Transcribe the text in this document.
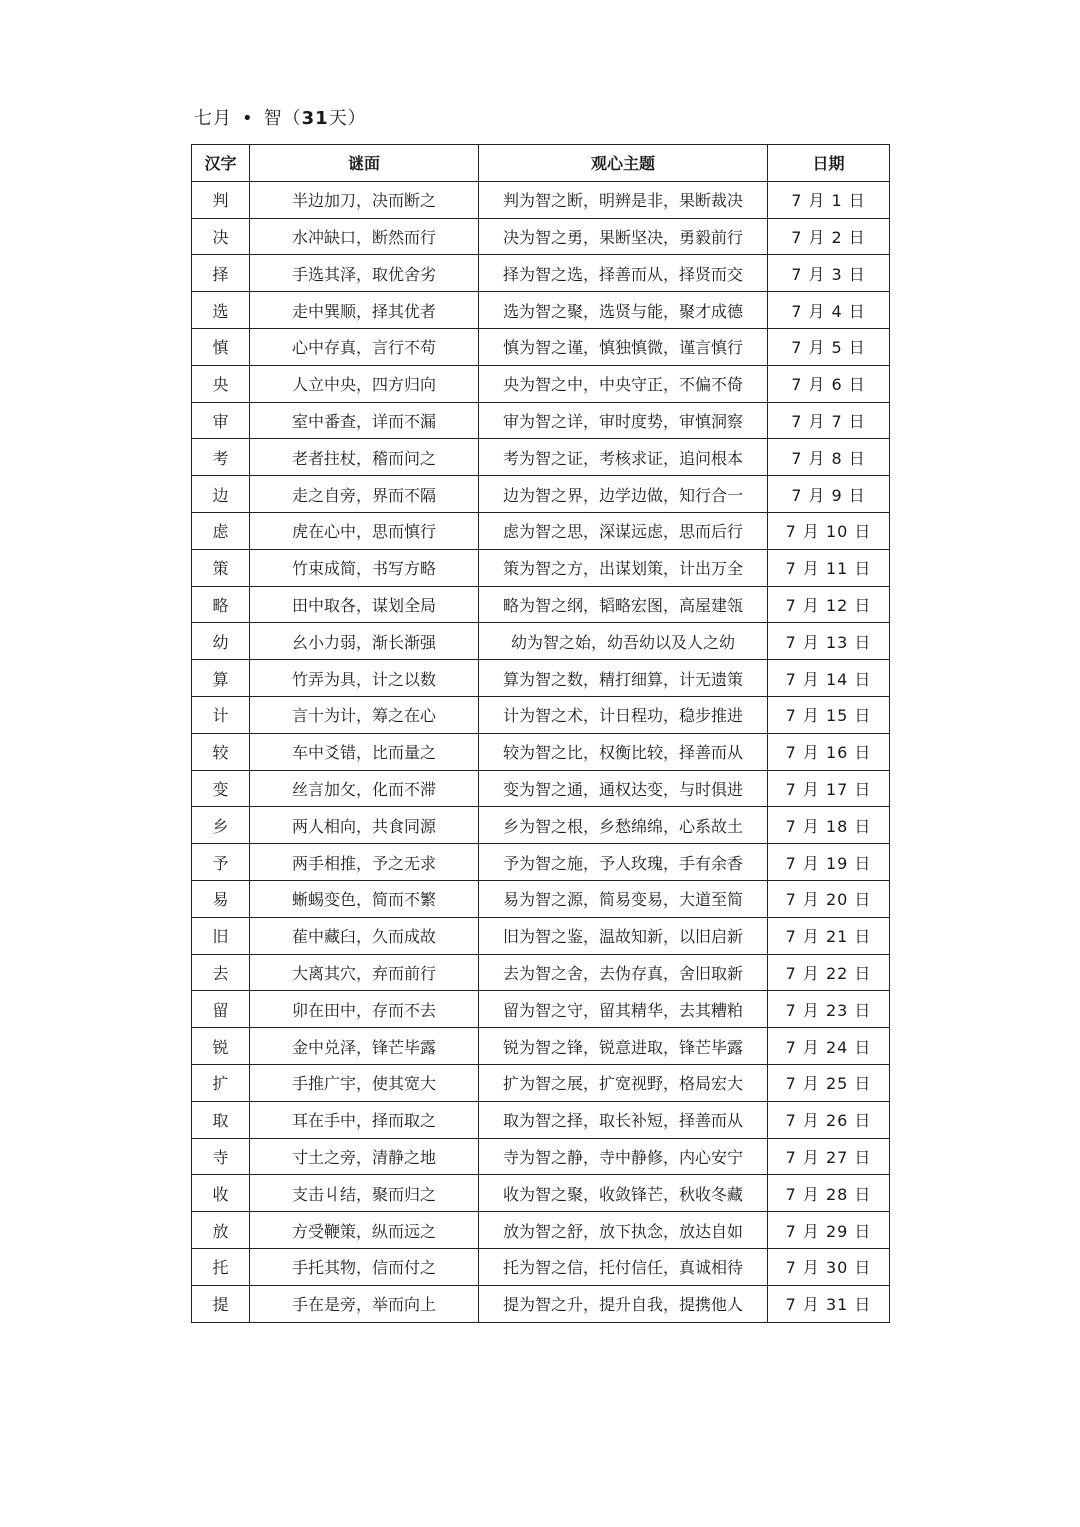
七月 • 智（31天）
汉字	谜面	观心主题	日期
判	半边加刀，决而断之	判为智之断，明辨是非，果断裁决	7 月 1 日
决	水冲缺口，断然而行	决为智之勇，果断坚决，勇毅前行	7 月 2 日
择	手选其泽，取优舍劣	择为智之选，择善而从，择贤而交	7 月 3 日
选	走中巽顺，择其优者	选为智之聚，选贤与能，聚才成德	7 月 4 日
慎	心中存真，言行不苟	慎为智之谨，慎独慎微，谨言慎行	7 月 5 日
央	人立中央，四方归向	央为智之中，中央守正，不偏不倚	7 月 6 日
审	室中番查，详而不漏	审为智之详，审时度势，审慎洞察	7 月 7 日
考	老者拄杖，稽而问之	考为智之证，考核求证，追问根本	7 月 8 日
边	走之自旁，界而不隔	边为智之界，边学边做，知行合一	7 月 9 日
虑	虎在心中，思而慎行	虑为智之思，深谋远虑，思而后行	7 月 10 日
策	竹束成简，书写方略	策为智之方，出谋划策，计出万全	7 月 11 日
略	田中取各，谋划全局	略为智之纲，韬略宏图，高屋建瓴	7 月 12 日
幼	幺小力弱，渐长渐强	幼为智之始，幼吾幼以及人之幼	7 月 13 日
算	竹弄为具，计之以数	算为智之数，精打细算，计无遗策	7 月 14 日
计	言十为计，筹之在心	计为智之术，计日程功，稳步推进	7 月 15 日
较	车中爻错，比而量之	较为智之比，权衡比较，择善而从	7 月 16 日
变	丝言加攵，化而不滞	变为智之通，通权达变，与时俱进	7 月 17 日
乡	两人相向，共食同源	乡为智之根，乡愁绵绵，心系故土	7 月 18 日
予	两手相推，予之无求	予为智之施，予人玫瑰，手有余香	7 月 19 日
易	蜥蜴变色，简而不繁	易为智之源，简易变易，大道至简	7 月 20 日
旧	萑中藏臼，久而成故	旧为智之鉴，温故知新，以旧启新	7 月 21 日
去	大离其穴，弃而前行	去为智之舍，去伪存真，舍旧取新	7 月 22 日
留	卯在田中，存而不去	留为智之守，留其精华，去其糟粕	7 月 23 日
锐	金中兑泽，锋芒毕露	锐为智之锋，锐意进取，锋芒毕露	7 月 24 日
扩	手推广宇，使其宽大	扩为智之展，扩宽视野，格局宏大	7 月 25 日
取	耳在手中，择而取之	取为智之择，取长补短，择善而从	7 月 26 日
寺	寸土之旁，清静之地	寺为智之静，寺中静修，内心安宁	7 月 27 日
收	支击丩结，聚而归之	收为智之聚，收敛锋芒，秋收冬藏	7 月 28 日
放	方受鞭策，纵而远之	放为智之舒，放下执念，放达自如	7 月 29 日
托	手托其物，信而付之	托为智之信，托付信任，真诚相待	7 月 30 日
提	手在是旁，举而向上	提为智之升，提升自我，提携他人	7 月 31 日
